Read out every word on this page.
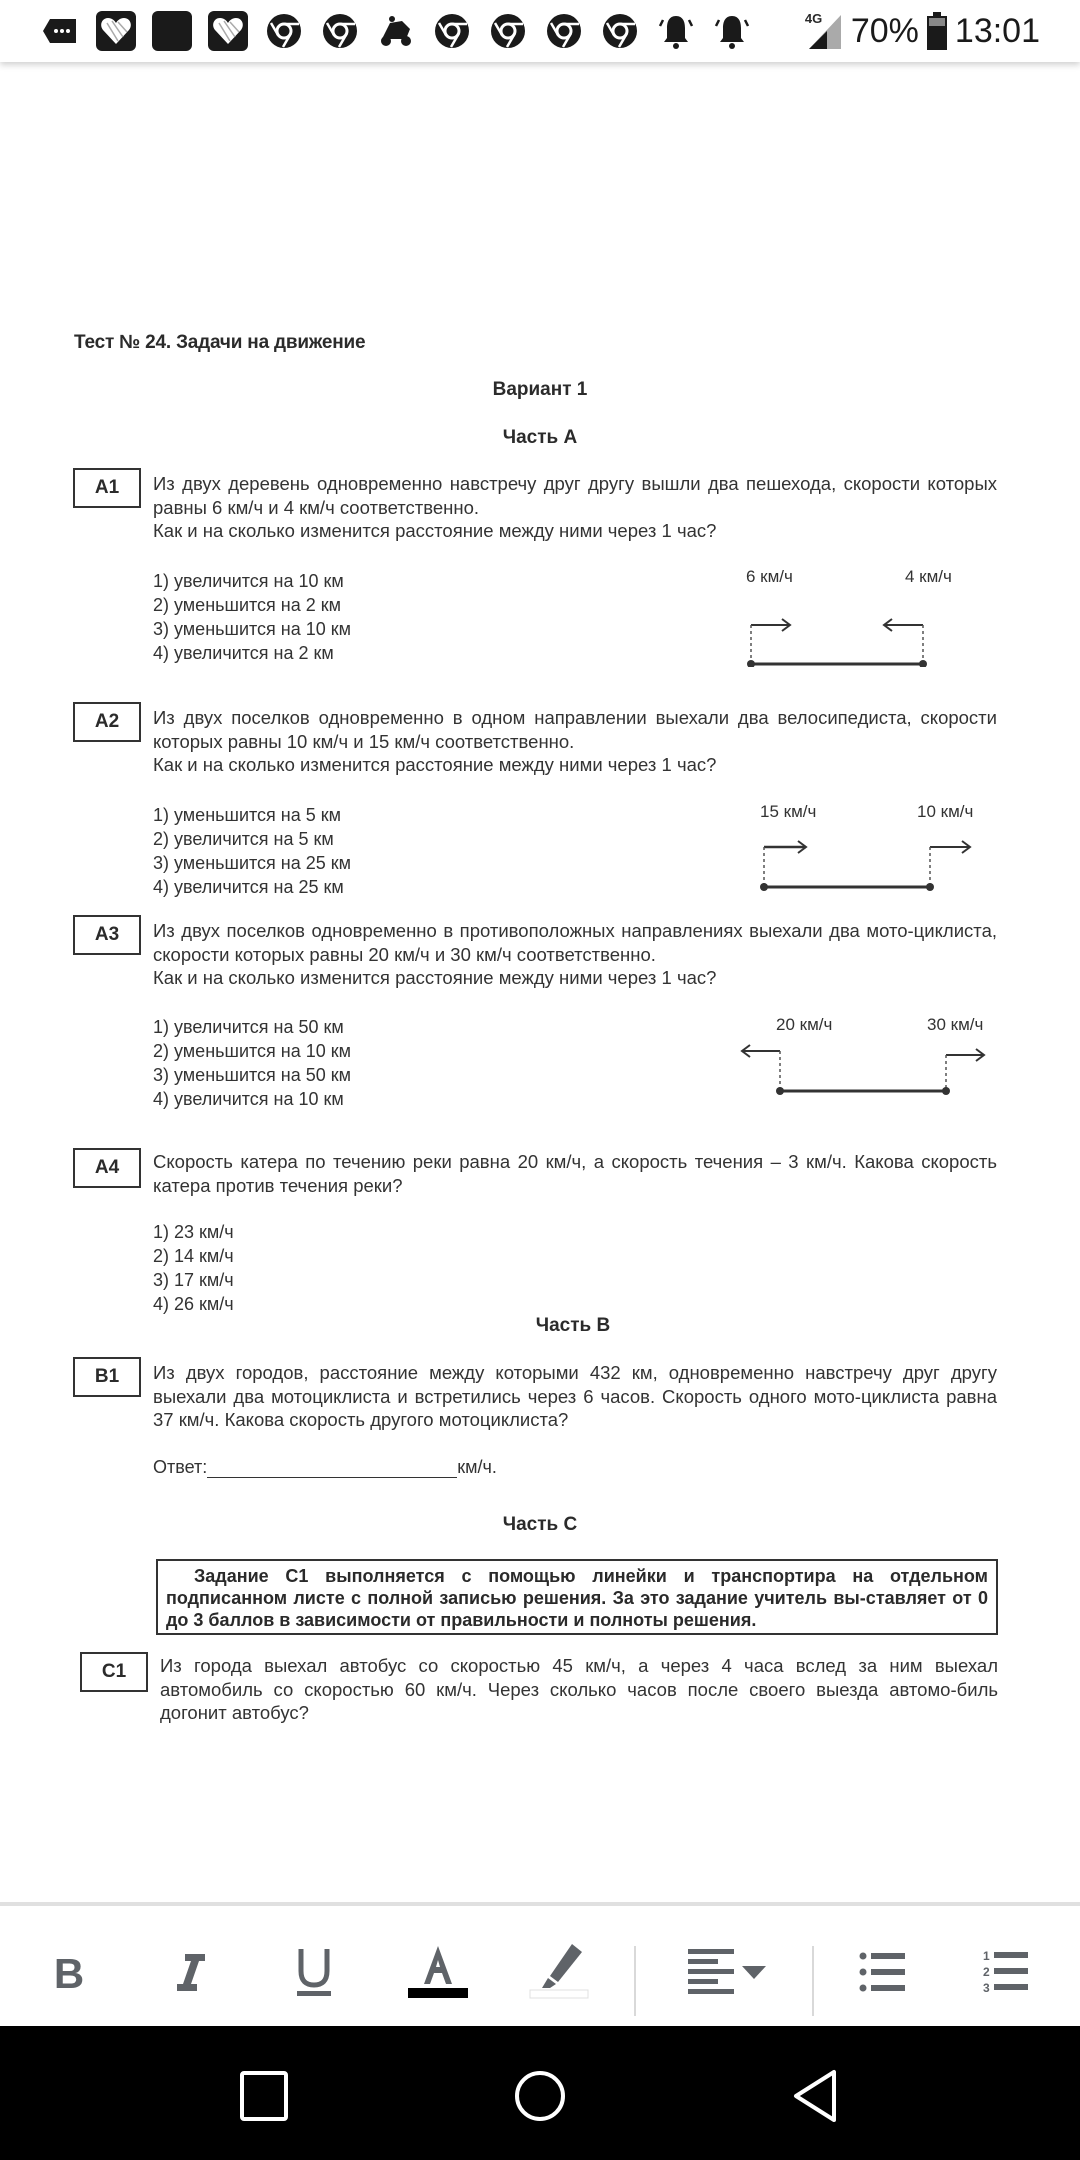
4G 70% 13:01
Тест № 24. Задачи на движение
Вариант 1
Часть А
А1	Из двух деревень одновременно навстречу друг другу вышли два пешехода, скорости которых равны 6 км/ч и 4 км/ч соответственно.
Как и на сколько изменится расстояние между ними через 1 час?
1) увеличится на 10 км
2) уменьшится на 2 км
3) уменьшится на 10 км
4) увеличится на 2 км
6 км/ч	4 км/ч
А2	Из двух поселков одновременно в одном направлении выехали два велосипедиста, скорости которых равны 10 км/ч и 15 км/ч соответственно.
Как и на сколько изменится расстояние между ними через 1 час?
1) уменьшится на 5 км
2) увеличится на 5 км
3) уменьшится на 25 км
4) увеличится на 25 км
15 км/ч	10 км/ч
А3	Из двух поселков одновременно в противоположных направлениях выехали два мото-циклиста, скорости которых равны 20 км/ч и 30 км/ч соответственно.
Как и на сколько изменится расстояние между ними через 1 час?
1) увеличится на 50 км
2) уменьшится на 10 км
3) уменьшится на 50 км
4) увеличится на 10 км
20 км/ч	30 км/ч
А4	Скорость катера по течению реки равна 20 км/ч, а скорость течения – 3 км/ч. Какова скорость катера против течения реки?
1) 23 км/ч
2) 14 км/ч
3) 17 км/ч
4) 26 км/ч
Часть В
В1	Из двух городов, расстояние между которыми 432 км, одновременно навстречу друг другу выехали два мотоциклиста и встретились через 6 часов. Скорость одного мото-циклиста равна 37 км/ч. Какова скорость другого мотоциклиста?
Ответ:	км/ч.
Часть С
Задание С1 выполняется с помощью линейки и транспортира на отдельном подписанном листе с полной записью решения. За это задание учитель вы-ставляет от 0 до 3 баллов в зависимости от правильности и полноты решения.
С1	Из города выехал автобус со скоростью 45 км/ч, а через 4 часа вслед за ним выехал автомобиль со скоростью 60 км/ч. Через сколько часов после своего выезда автомо-биль догонит автобус?
B	1
2
3
